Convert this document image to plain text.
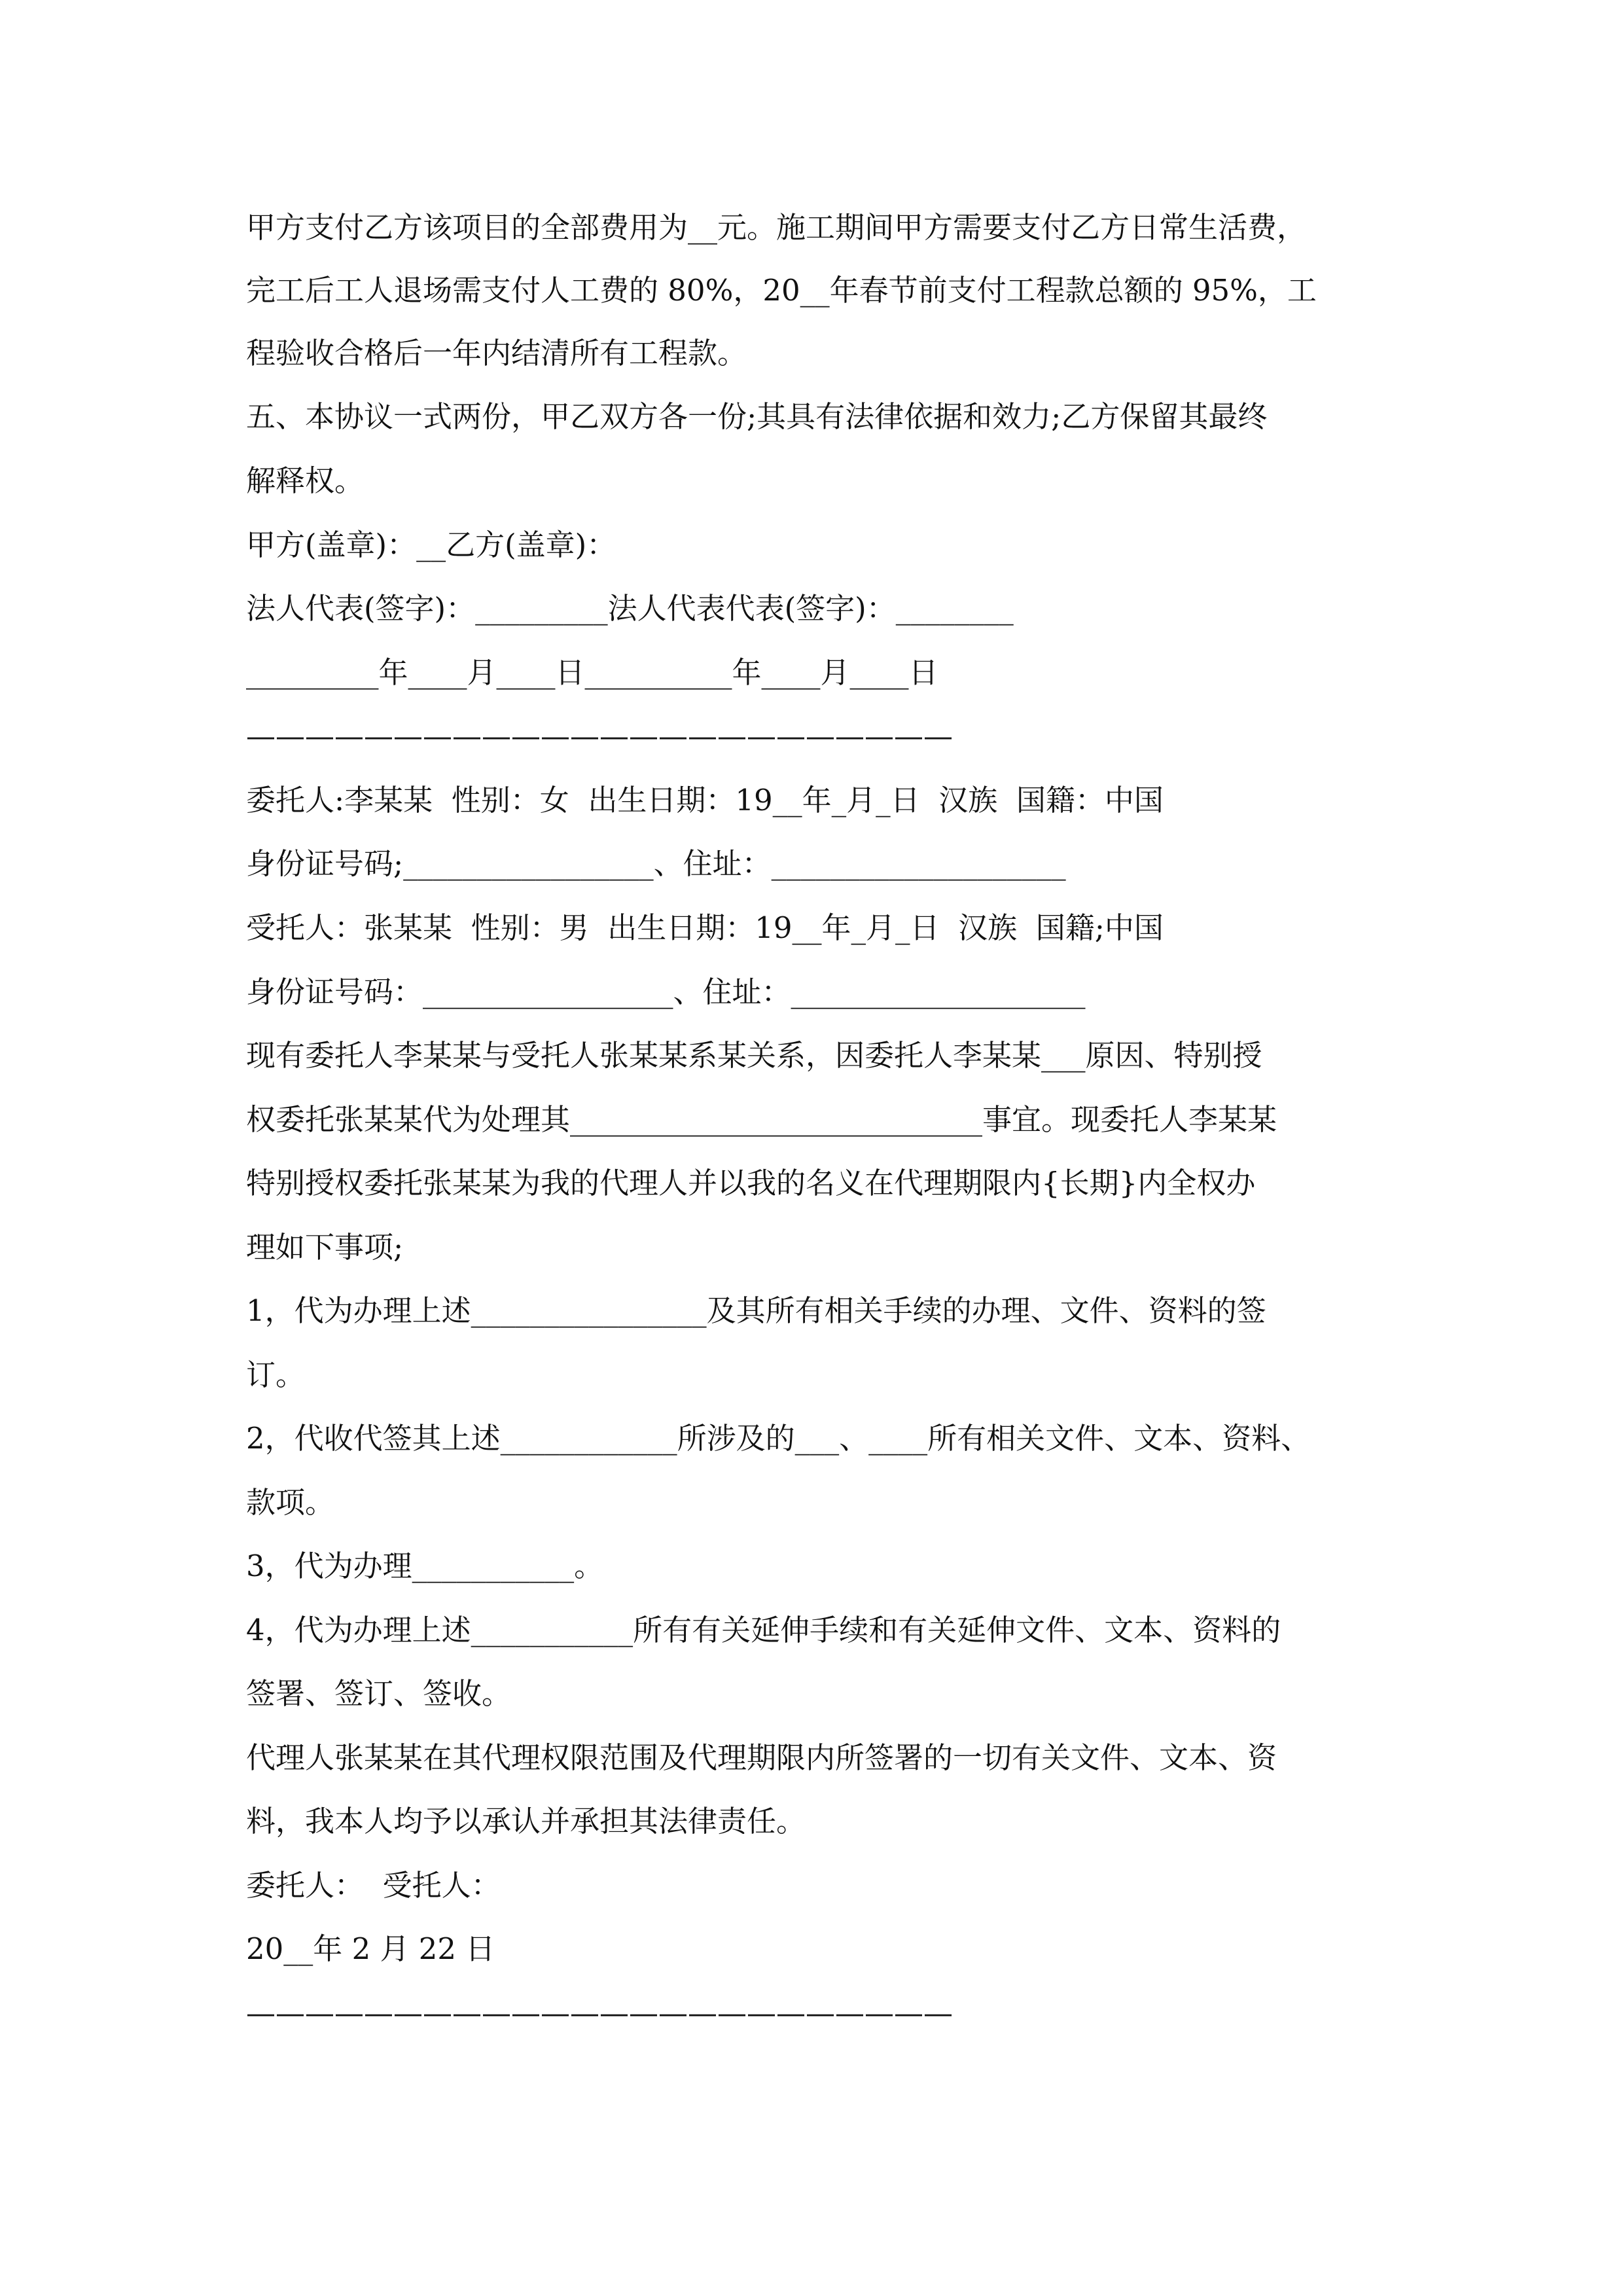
甲方支付乙方该项目的全部费用为__元。施工期间甲方需要支付乙方日常生活费，

完工后工人退场需支付人工费的 80%，20__年春节前支付工程款总额的 95%，工

程验收合格后一年内结清所有工程款。

五、本协议一式两份，甲乙双方各一份;其具有法律依据和效力;乙方保留其最终

解释权。

甲方(盖章)：__乙方(盖章)：

法人代表(签字)：_________法人代表代表(签字)：________

_________年____月____日__________年____月____日

————————————————————————

委托人:李某某  性别：女  出生日期：19__年_月_日  汉族  国籍：中国

身份证号码;_________________、住址：____________________

受托人：张某某  性别：男  出生日期：19__年_月_日  汉族  国籍;中国

身份证号码：_________________、住址：____________________

现有委托人李某某与受托人张某某系某关系，因委托人李某某___原因、特别授

权委托张某某代为处理其____________________________事宜。现委托人李某某

特别授权委托张某某为我的代理人并以我的名义在代理期限内{长期}内全权办

理如下事项;

1，代为办理上述________________及其所有相关手续的办理、文件、资料的签

订。

2，代收代签其上述____________所涉及的___、____所有相关文件、文本、资料、

款项。

3，代为办理___________。

4，代为办理上述___________所有有关延伸手续和有关延伸文件、文本、资料的

签署、签订、签收。

代理人张某某在其代理权限范围及代理期限内所签署的一切有关文件、文本、资

料，我本人均予以承认并承担其法律责任。

委托人：  受托人：

20__年 2 月 22 日

————————————————————————
